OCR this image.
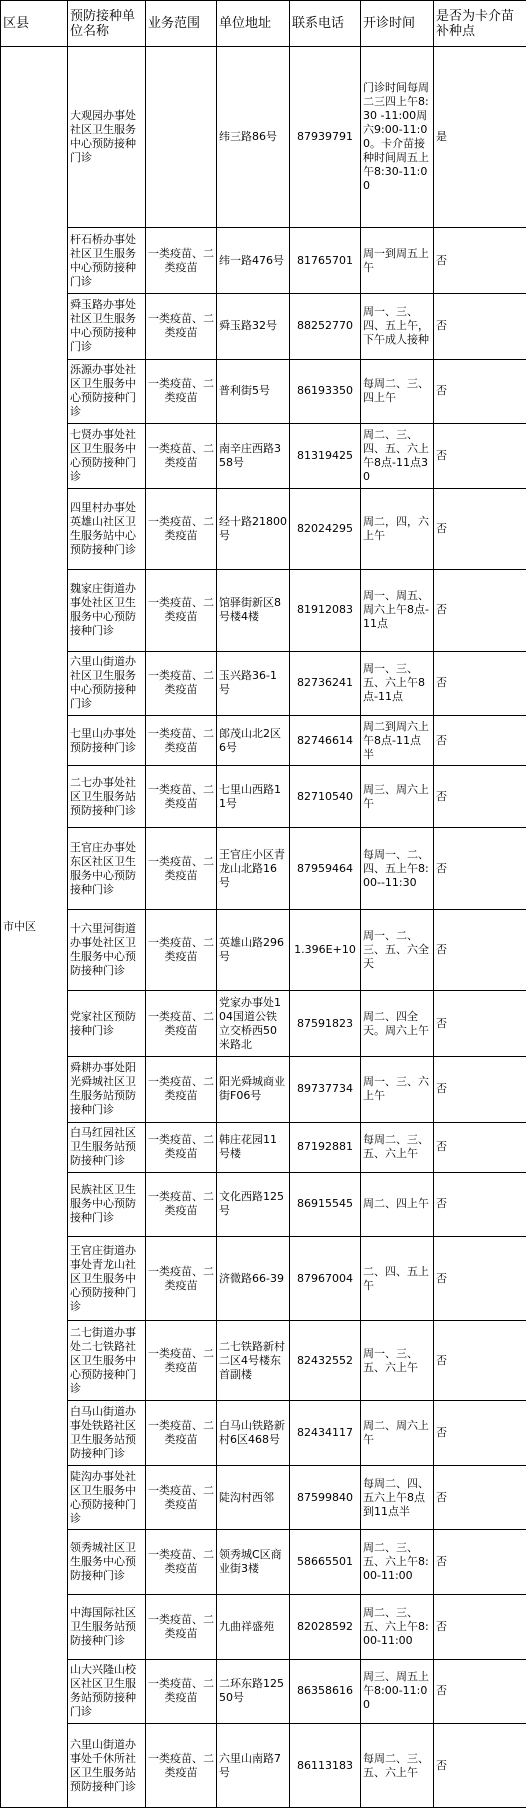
区县	预防接种单位名称	业务范围	单位地址	联系电话	开诊时间	是否为卡介苗补种点
市中区	大观园办事处社区卫生服务中心预防接种门诊		纬三路86号	87939791	门诊时间每周二三四上午8:30 -11:00周六9:00-11:00。卡介苗接种时间周五上午8:30-11:00	是
	杆石桥办事处社区卫生服务中心预防接种门诊	一类疫苗、二类疫苗	纬一路476号	81765701	周一到周五上午	否
	舜玉路办事处社区卫生服务中心预防接种门诊	一类疫苗、二类疫苗	舜玉路32号	88252770	周一、三、四、五上午，下午成人接种	否
	泺源办事处社区卫生服务中心预防接种门诊	一类疫苗、二类疫苗	普利街5号	86193350	每周二、三、四上午	否
	七贤办事处社区卫生服务中心预防接种门诊	一类疫苗、二类疫苗	南辛庄西路358号	81319425	周二、三、四、五、六上午8点-11点30	否
	四里村办事处英雄山社区卫生服务站中心预防接种门诊	一类疫苗、二类疫苗	经十路21800号	82024295	周二，四，六上午	否
	魏家庄街道办事处社区卫生服务中心预防接种门诊	一类疫苗、二类疫苗	馆驿街新区8号楼4楼	81912083	周一、周五、周六上午8点-11点	否
	六里山街道办社区卫生服务中心预防接种门诊	一类疫苗、二类疫苗	玉兴路36-1号	82736241	周一、三、五、六上午8点-11点	否
	七里山办事处预防接种门诊	一类疫苗、二类疫苗	郎茂山北2区6号	82746614	周二到周六上午8点-11点半	否
	二七办事处社区卫生服务站预防接种门诊	一类疫苗、二类疫苗	七里山西路11号	82710540	周三、周六上午	否
	王官庄办事处东区社区卫生服务中心预防接种门诊	一类疫苗、二类疫苗	王官庄小区青龙山北路16号	87959464	每周一、二、四、五上午8:00--11:30	否
	十六里河街道办事处社区卫生服务中心预防接种门诊	一类疫苗、二类疫苗	英雄山路296号	1.396E+10	周一、二、三、五、六全天	否
	党家社区预防接种门诊	一类疫苗、二类疫苗	党家办事处104国道公铁立交桥西50米路北	87591823	周二、四全天。周六上午	否
	舜耕办事处阳光舜城社区卫生服务站预防接种门诊	一类疫苗、二类疫苗	阳光舜城商业街F06号	89737734	周一、三、六上午	否
	白马红园社区卫生服务站预防接种门诊	一类疫苗、二类疫苗	韩庄花园11号楼	87192881	每周二、三、五、六上午	否
	民族社区卫生服务中心预防接种门诊	一类疫苗、二类疫苗	文化西路125号	86915545	周二、四上午	否
	王官庄街道办事处青龙山社区卫生服务中心预防接种门诊	一类疫苗、二类疫苗	济微路66-39	87967004	二、四、五上午	否
	二七街道办事处二七铁路社区卫生服务中心预防接种门诊	一类疫苗、二类疫苗	二七铁路新村二区4号楼东首副楼	82432552	周一、三、五、六上午	否
	白马山街道办事处铁路社区卫生服务站预防接种门诊	一类疫苗、二类疫苗	白马山铁路新村6区468号	82434117	周二、周六上午	否
	陡沟办事处社区卫生服务中心预防接种门诊	一类疫苗、二类疫苗	陡沟村西邻	87599840	每周二、四、五六上午8点到11点半	否
	领秀城社区卫生服务中心预防接种门诊	一类疫苗、二类疫苗	领秀城C区商业街3楼	58665501	周二、三、五、六上午8:00-11:00	否
	中海国际社区卫生服务站预防接种门诊	一类疫苗、二类疫苗	九曲祥盛苑	82028592	周二、三、五、六上午8:00-11:00	否
	山大兴隆山校区社区卫生服务站预防接种门诊	一类疫苗、二类疫苗	二环东路12550号	86358616	周三、周五上午8:00-11:00	否
	六里山街道办事处千休所社区卫生服务站预防接种门诊	一类疫苗、二类疫苗	六里山南路7号	86113183	每周二、三、五、六上午	否
